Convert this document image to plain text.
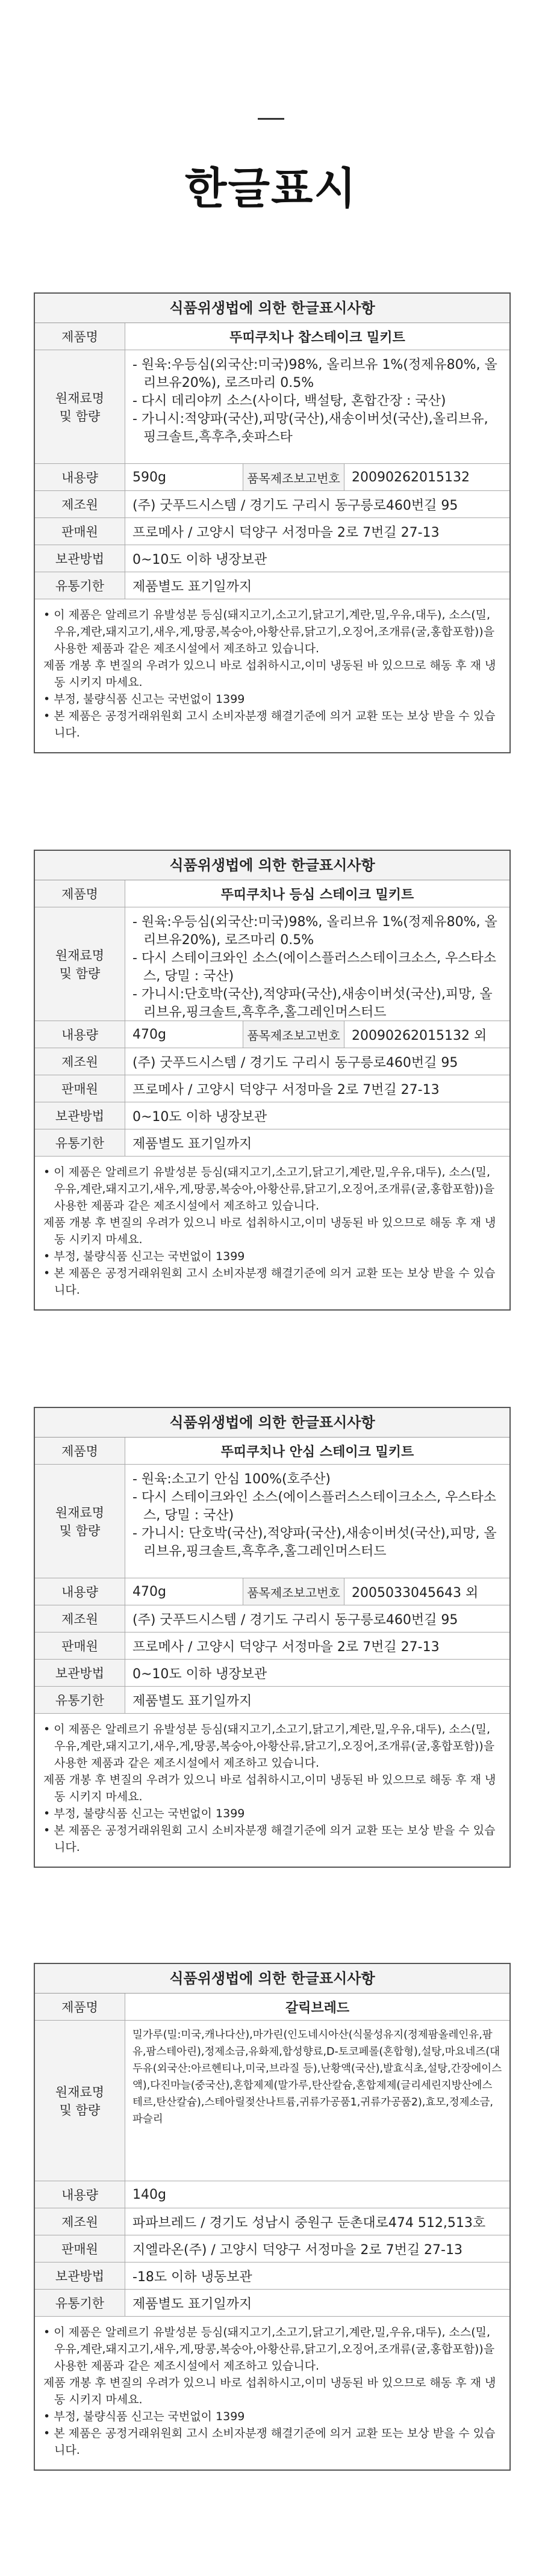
한글표시
식품위생법에 의한 한글표시사항
제품명	뚜띠쿠치나 찹스테이크 밀키트
원재료명
및 함량
- 원육:우등심(외국산:미국)98%, 올리브유 1%(정제유80%, 올리브유20%), 로즈마리 0.5%
- 다시 데리야끼 소스(사이다, 백설탕, 혼합간장 : 국산)
- 가니시:적양파(국산),피망(국산),새송이버섯(국산),올리브유, 핑크솔트,흑후추,숏파스타
내용량	590g	품목제조보고번호 20090262015132
제조원	(주) 굿푸드시스템 / 경기도 구리시 동구릉로460번길 95
판매원	프로메사 / 고양시 덕양구 서정마을 2로 7번길 27-13
보관방법	0~10도 이하 냉장보관
유통기한	제품별도 표기일까지
• 이 제품은 알레르기 유발성분 등심(돼지고기,소고기,닭고기,계란,밀,우유,대두), 소스(밀,우유,계란,돼지고기,새우,게,땅콩,복숭아,아황산류,닭고기,오징어,조개류(굴,홍합포함))을사용한 제품과 같은 제조시설에서 제조하고 있습니다.
제품 개봉 후 변질의 우려가 있으니 바로 섭취하시고,이미 냉동된 바 있으므로 해동 후 재 냉동 시키지 마세요.
• 부정, 불량식품 신고는 국번없이 1399
• 본 제품은 공정거래위원회 고시 소비자분쟁 해결기준에 의거 교환 또는 보상 받을 수 있습니다.
식품위생법에 의한 한글표시사항
제품명	뚜띠쿠치나 등심 스테이크 밀키트
원재료명
및 함량
- 원육:우등심(외국산:미국)98%, 올리브유 1%(정제유80%, 올리브유20%), 로즈마리 0.5%
- 다시 스테이크와인 소스(에이스플러스스테이크소스, 우스타소스, 당밀 : 국산)
- 가니시:단호박(국산),적양파(국산),새송이버섯(국산),피망, 올리브유,핑크솔트,흑후추,홀그레인머스터드
내용량	470g	품목제조보고번호 20090262015132 외
제조원	(주) 굿푸드시스템 / 경기도 구리시 동구릉로460번길 95
판매원	프로메사 / 고양시 덕양구 서정마을 2로 7번길 27-13
보관방법	0~10도 이하 냉장보관
유통기한	제품별도 표기일까지
• 이 제품은 알레르기 유발성분 등심(돼지고기,소고기,닭고기,계란,밀,우유,대두), 소스(밀,우유,계란,돼지고기,새우,게,땅콩,복숭아,아황산류,닭고기,오징어,조개류(굴,홍합포함))을사용한 제품과 같은 제조시설에서 제조하고 있습니다.
제품 개봉 후 변질의 우려가 있으니 바로 섭취하시고,이미 냉동된 바 있으므로 해동 후 재 냉동 시키지 마세요.
• 부정, 불량식품 신고는 국번없이 1399
• 본 제품은 공정거래위원회 고시 소비자분쟁 해결기준에 의거 교환 또는 보상 받을 수 있습니다.
식품위생법에 의한 한글표시사항
제품명	뚜띠쿠치나 안심 스테이크 밀키트
원재료명
및 함량
- 원육:소고기 안심 100%(호주산)
- 다시 스테이크와인 소스(에이스플러스스테이크소스, 우스타소스, 당밀 : 국산)
- 가니시: 단호박(국산),적양파(국산),새송이버섯(국산),피망, 올리브유,핑크솔트,흑후추,홀그레인머스터드
내용량	470g	품목제조보고번호 2005033045643 외
제조원	(주) 굿푸드시스템 / 경기도 구리시 동구릉로460번길 95
판매원	프로메사 / 고양시 덕양구 서정마을 2로 7번길 27-13
보관방법	0~10도 이하 냉장보관
유통기한	제품별도 표기일까지
• 이 제품은 알레르기 유발성분 등심(돼지고기,소고기,닭고기,계란,밀,우유,대두), 소스(밀,우유,계란,돼지고기,새우,게,땅콩,복숭아,아황산류,닭고기,오징어,조개류(굴,홍합포함))을사용한 제품과 같은 제조시설에서 제조하고 있습니다.
제품 개봉 후 변질의 우려가 있으니 바로 섭취하시고,이미 냉동된 바 있으므로 해동 후 재 냉동 시키지 마세요.
• 부정, 불량식품 신고는 국번없이 1399
• 본 제품은 공정거래위원회 고시 소비자분쟁 해결기준에 의거 교환 또는 보상 받을 수 있습니다.
식품위생법에 의한 한글표시사항
제품명	갈릭브레드
원재료명
및 함량
밀가루(밀:미국,캐나다산),마가린(인도네시아산(식물성유지(정제팜올레인유,팜유,팜스테아린),정제소금,유화제,합성향료,D-토코페롤(혼합형),설탕,마요네즈(대두유(외국산:아르헨티나,미국,브라질 등),난황액(국산),발효식초,설탕,간장에이스액),다진마늘(중국산),혼합제제(말가루,탄산칼슘,혼합제제(글리세린지방산에스테르,탄산칼슘),스테아릴젖산나트륨,귀류가공품1,귀류가공품2),효모,정제소금,파슬리
내용량	140g
제조원	파파브레드 / 경기도 성남시 중원구 둔촌대로474 512,513호
판매원	지엘라온(주) / 고양시 덕양구 서정마을 2로 7번길 27-13
보관방법	-18도 이하 냉동보관
유통기한	제품별도 표기일까지
• 이 제품은 알레르기 유발성분 등심(돼지고기,소고기,닭고기,계란,밀,우유,대두), 소스(밀,우유,계란,돼지고기,새우,게,땅콩,복숭아,아황산류,닭고기,오징어,조개류(굴,홍합포함))을사용한 제품과 같은 제조시설에서 제조하고 있습니다.
제품 개봉 후 변질의 우려가 있으니 바로 섭취하시고,이미 냉동된 바 있으므로 해동 후 재 냉동 시키지 마세요.
• 부정, 불량식품 신고는 국번없이 1399
• 본 제품은 공정거래위원회 고시 소비자분쟁 해결기준에 의거 교환 또는 보상 받을 수 있습니다.
